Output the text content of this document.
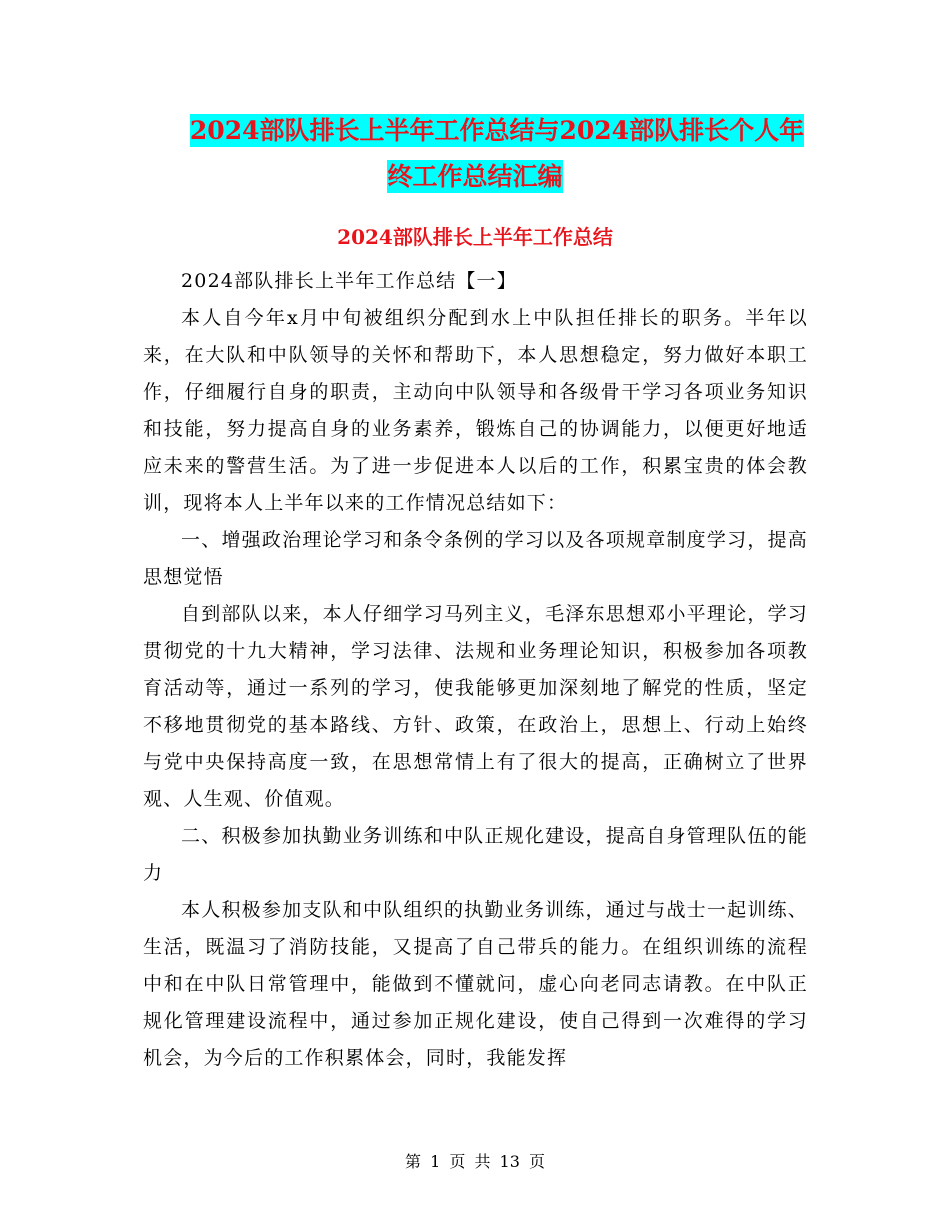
2024部队排长上半年工作总结与2024部队排长个人年
终工作总结汇编
2024部队排长上半年工作总结

2024部队排长上半年工作总结【一】

本人自今年x月中旬被组织分配到水上中队担任排长的职务。半年以来，在大队和中队领导的关怀和帮助下，本人思想稳定，努力做好本职工作，仔细履行自身的职责，主动向中队领导和各级骨干学习各项业务知识和技能，努力提高自身的业务素养，锻炼自己的协调能力，以便更好地适应未来的警营生活。为了进一步促进本人以后的工作，积累宝贵的体会教训，现将本人上半年以来的工作情况总结如下：

一、增强政治理论学习和条令条例的学习以及各项规章制度学习，提高思想觉悟

自到部队以来，本人仔细学习马列主义，毛泽东思想邓小平理论，学习贯彻党的十九大精神，学习法律、法规和业务理论知识，积极参加各项教育活动等，通过一系列的学习，使我能够更加深刻地了解党的性质，坚定不移地贯彻党的基本路线、方针、政策，在政治上，思想上、行动上始终与党中央保持高度一致，在思想常情上有了很大的提高，正确树立了世界观、人生观、价值观。

二、积极参加执勤业务训练和中队正规化建设，提高自身管理队伍的能力

本人积极参加支队和中队组织的执勤业务训练，通过与战士一起训练、生活，既温习了消防技能，又提高了自己带兵的能力。在组织训练的流程中和在中队日常管理中，能做到不懂就问，虚心向老同志请教。在中队正规化管理建设流程中，通过参加正规化建设，使自己得到一次难得的学习机会，为今后的工作积累体会，同时，我能发挥

第 1 页 共 13 页
